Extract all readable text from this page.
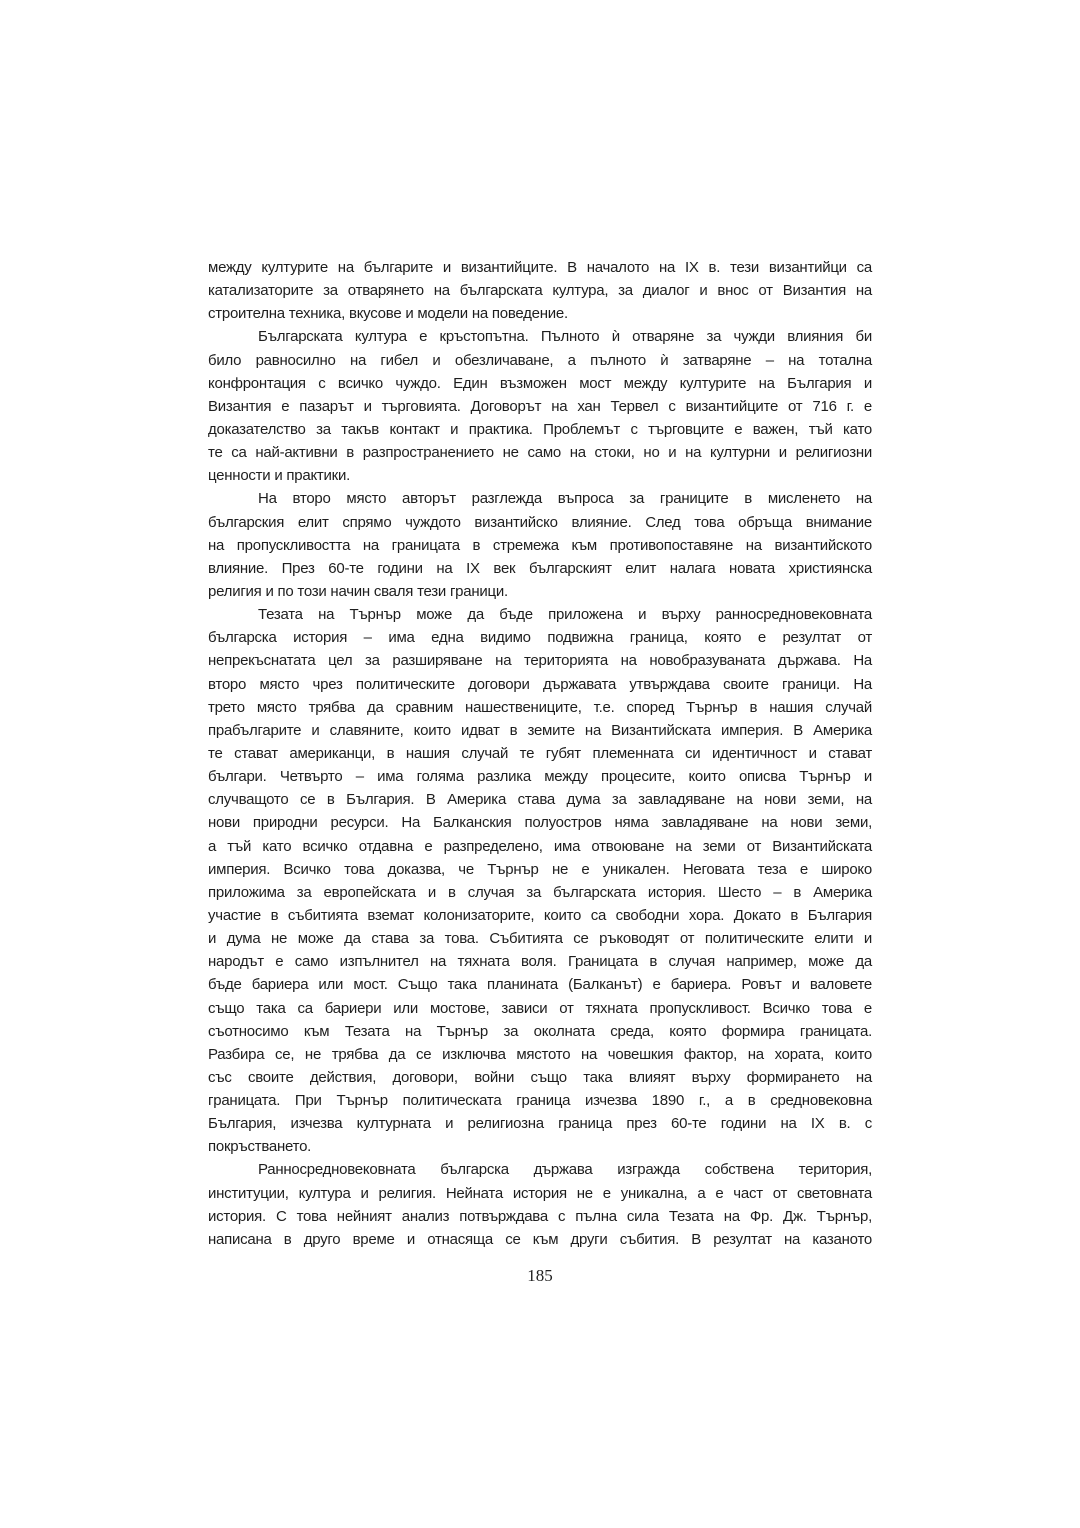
между културите на българите и византийците. В началото на IX в. тези византийци са
катализаторите за отварянето на българската култура, за диалог и внос от Византия на
строителна техника, вкусове и модели на поведение.
Българската култура е кръстопътна. Пълното ѝ отваряне за чужди влияния би
било равносилно на гибел и обезличаване, а пълното ѝ затваряне – на тотална
конфронтация с всичко чуждо. Един възможен мост между културите на България и
Византия е пазарът и търговията. Договорът на хан Тервел с византийците от 716 г. е
доказателство за такъв контакт и практика. Проблемът с търговците е важен, тъй като
те са най-активни в разпространението не само на стоки, но и на културни и религиозни
ценности и практики.
На второ място авторът разглежда въпроса за границите в мисленето на
българския елит спрямо чуждото византийско влияние. След това обръща внимание
на пропускливостта на границата в стремежа към противопоставяне на византийското
влияние. През 60-те години на IX век българският елит налага новата християнска
религия и по този начин сваля тези граници.
Тезата на Търнър може да бъде приложена и върху ранносредновековната
българска история – има една видимо подвижна граница, която е резултат от
непрекъснатата цел за разширяване на територията на новобразуваната държава. На
второ място чрез политическите договори държавата утвърждава своите граници. На
трето място трябва да сравним нашествениците, т.е. според Търнър в нашия случай
прабългарите и славяните, които идват в земите на Византийската империя. В Америка
те стават американци, в нашия случай те губят племенната си идентичност и стават
българи. Четвърто – има голяма разлика между процесите, които описва Търнър и
случващото се в България. В Америка става дума за завладяване на нови земи, на
нови природни ресурси. На Балканския полуостров няма завладяване на нови земи,
а тъй като всичко отдавна е разпределено, има отвоюване на земи от Византийската
империя. Всичко това доказва, че Търнър не е уникален. Неговата теза е широко
приложима за европейската и в случая за българската история. Шесто – в Америка
участие в събитията вземат колонизаторите, които са свободни хора. Докато в България
и дума не може да става за това. Събитията се ръководят от политическите елити и
народът е само изпълнител на тяхната воля. Границата в случая например, може да
бъде бариера или мост. Също така планината (Балканът) е бариера. Ровът и валовете
също така са бариери или мостове, зависи от тяхната пропускливост. Всичко това е
съотносимо към Тезата на Търнър за околната среда, която формира границата.
Разбира се, не трябва да се изключва мястото на човешкия фактор, на хората, които
със своите действия, договори, войни също така влияят върху формирането на
границата. При Търнър политическата граница изчезва 1890 г., а в средновековна
България, изчезва културната и религиозна граница през 60-те години на IX в. с
покръстването.
Ранносредновековната българска държава изгражда собствена територия,
институции, култура и религия. Нейната история не е уникална, а е част от световната
история. С това нейният анализ потвърждава с пълна сила Тезата на Фр. Дж. Търнър,
написана в друго време и отнасяща се към други събития. В резултат на казаното
185
